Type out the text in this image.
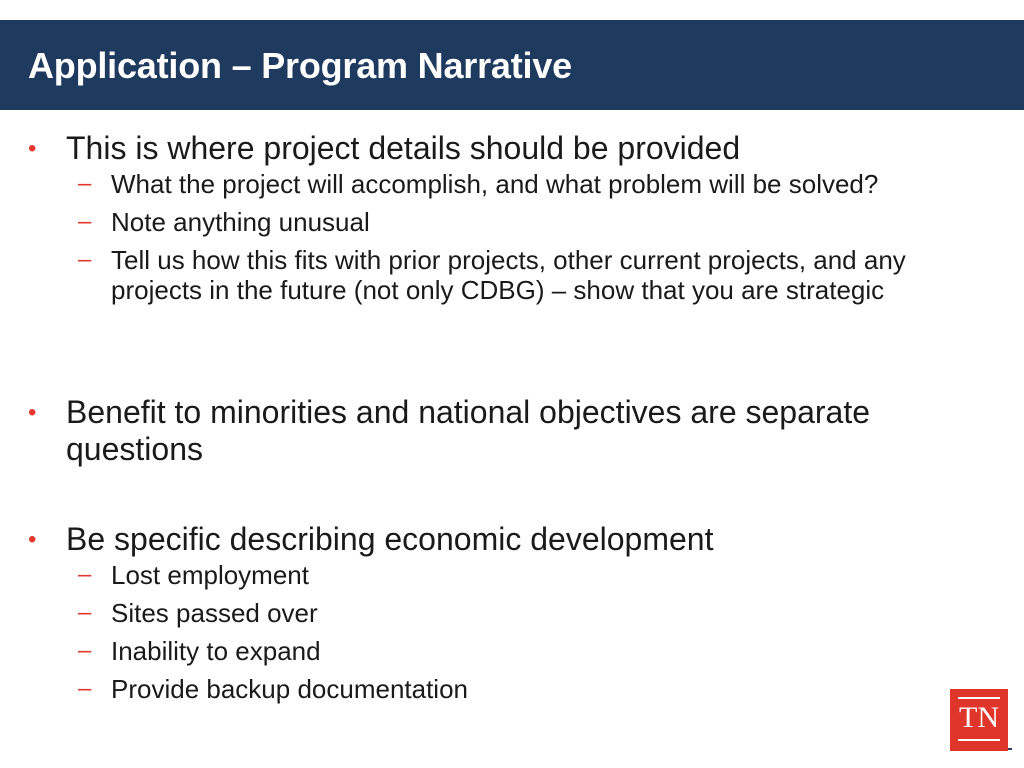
Application – Program Narrative
• This is where project details should be provided
– What the project will accomplish, and what problem will be solved?
– Note anything unusual
– Tell us how this fits with prior projects, other current projects, and any projects in the future (not only CDBG) – show that you are strategic
• Benefit to minorities and national objectives are separate questions
• Be specific describing economic development
– Lost employment
– Sites passed over
– Inability to expand
– Provide backup documentation
TN
